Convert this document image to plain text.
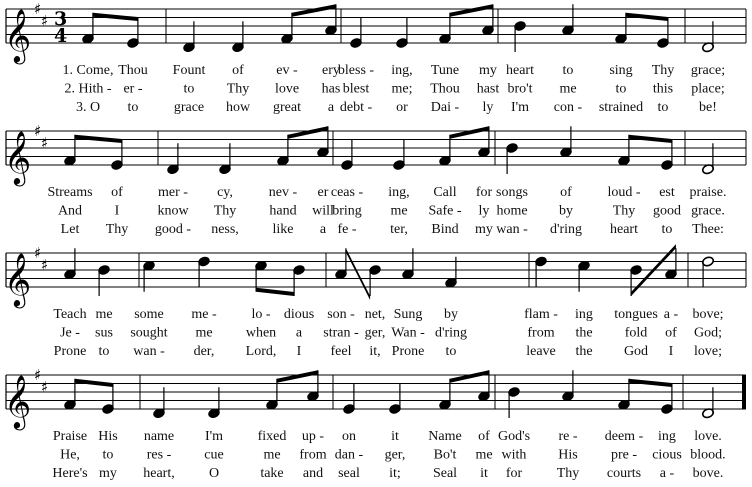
𝄞 ♯
♯ 3
4
1. Come, Thou Fount of ev - ery
bless - ing, Tune my heart to	sing Thy grace;
2. Hith - er -	to Thy love has blest me; Thou hast bro't me	to this place;
3. O to	grace how great a debt - or Dai - ly I'm con - strained to be!
𝄞 ♯
♯
Streams of	mer - cy,	nev - er ceas - ing, Call for songs of	loud - est praise.
And I	know Thy hand will
bring me Safe - ly home by	Thy good grace.
Let Thy good - ness, like a fe - ter, Bind my wan - d'ring heart to Thee:
𝄞 ♯
♯
Teach me some me - lo - dious son - net, Sung by	flam - ing tongues a - bove;
Je - sus sought me when a stran - ger, Wan - d'ring	from the fold of God;
Prone to wan - der, Lord, I feel it, Prone to	leave the God I love;
𝄞 ♯
♯
Praise His name I'm fixed up - on	it Name of God's re - deem - ing love.
He, to res - cue	me from dan - ger, Bo't me with His pre - cious blood.
Here's my heart, O	take and seal it; Seal it for Thy courts a - bove.
